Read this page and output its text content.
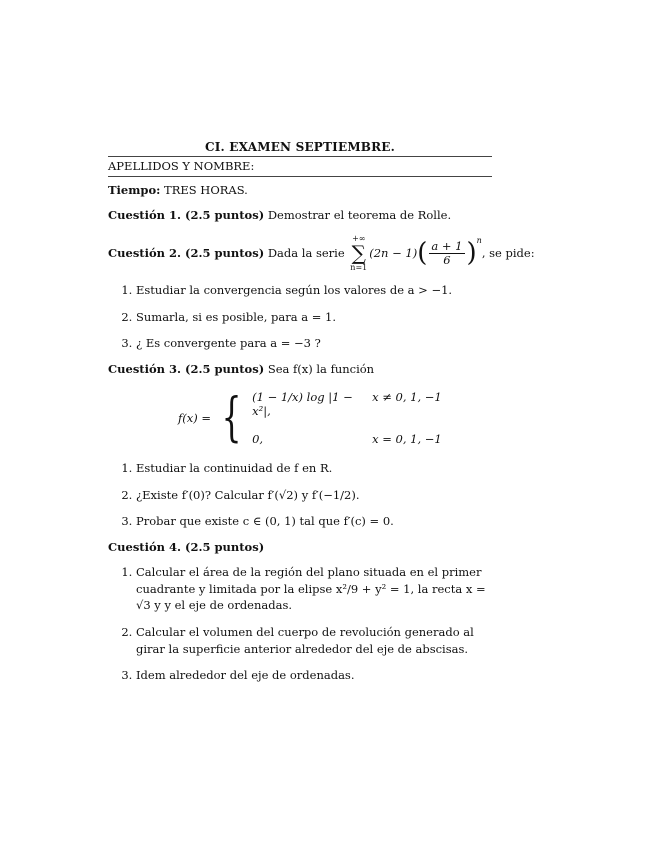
CI. EXAMEN SEPTIEMBRE.
APELLIDOS Y NOMBRE:
Tiempo: TRES HORAS.
Cuestión 1. (2.5 puntos) Demostrar el teorema de Rolle.
Cuestión 2. (2.5 puntos)
Dada la serie

+∞
∑
n=1
(2n − 1) ( $\frac{a + 1}{6} )^n$
, se pide:
1. Estudiar la convergencia según los valores de a > −1.
2. Sumarla, si es posible, para a = 1.
3. ¿ Es convergente para a = −3 ?
Cuestión 3. (2.5 puntos) Sea f(x) la función
f(x) = { (1 − 1/x) log |1 − x²|,
x ≠ 0, 1, −1
0,	x = 0, 1, −1
1. Estudiar la continuidad de f en R.
2. ¿Existe f′(0)? Calcular f′(√2) y f′(−1/2).
3. Probar que existe c ∈ (0, 1) tal que f′(c) = 0.
Cuestión 4. (2.5 puntos)
1. Calcular el área de la región del plano situada en el primer cuadrante y limitada por la elipse x²/9 + y² = 1, la recta x = √3 y y el eje de ordenadas.
2. Calcular el volumen del cuerpo de revolución generado al girar la superficie anterior alrededor del eje de abscisas.
3. Idem alrededor del eje de ordenadas.
